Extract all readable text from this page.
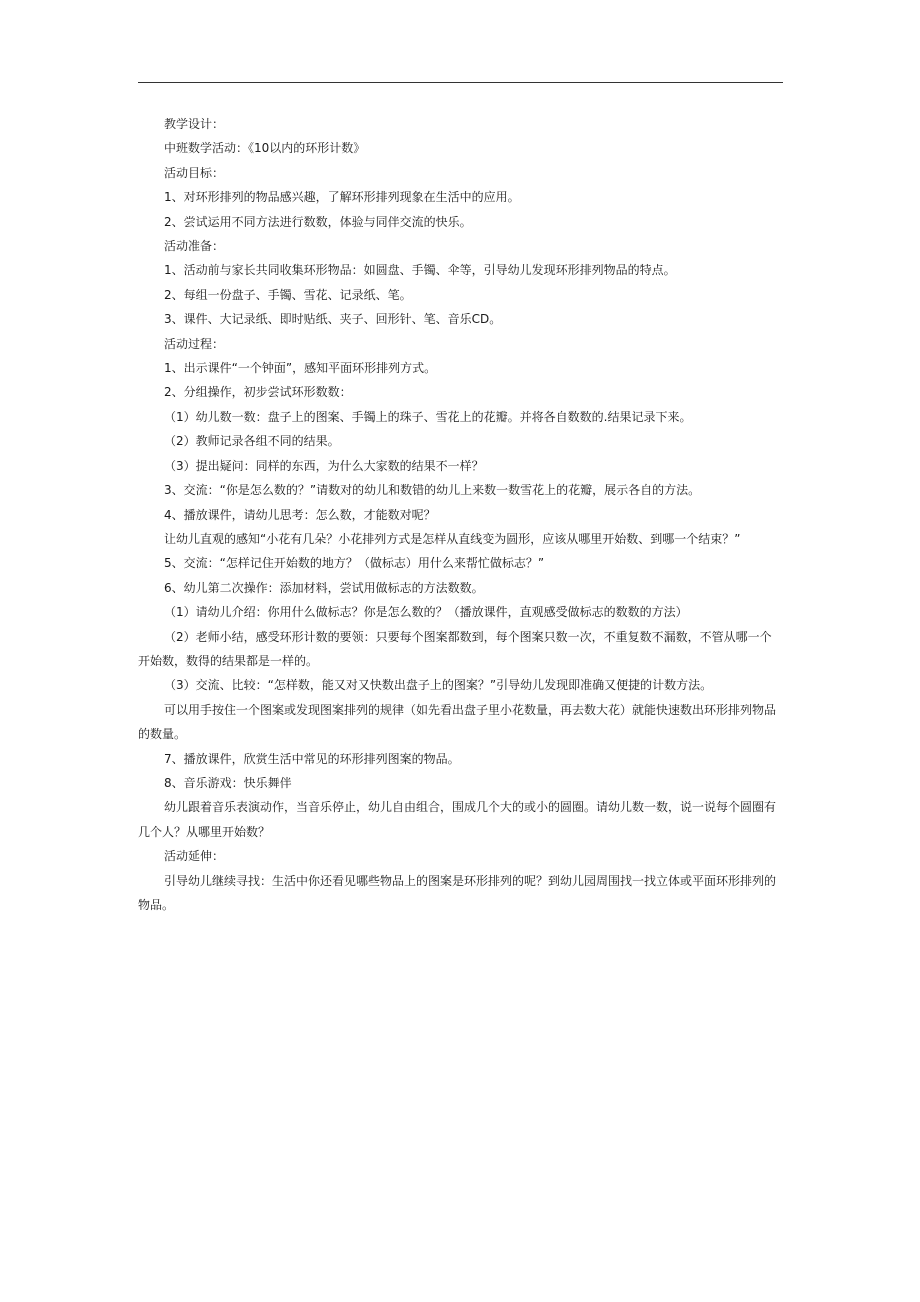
教学设计：
中班数学活动：《10以内的环形计数》
活动目标：
1、对环形排列的物品感兴趣，了解环形排列现象在生活中的应用。
2、尝试运用不同方法进行数数，体验与同伴交流的快乐。
活动准备：
1、活动前与家长共同收集环形物品：如圆盘、手镯、伞等，引导幼儿发现环形排列物品的特点。
2、每组一份盘子、手镯、雪花、记录纸、笔。
3、课件、大记录纸、即时贴纸、夹子、回形针、笔、音乐CD。
活动过程：
1、出示课件“一个钟面”，感知平面环形排列方式。
2、分组操作，初步尝试环形数数：
（1）幼儿数一数：盘子上的图案、手镯上的珠子、雪花上的花瓣。并将各自数数的.结果记录下来。
（2）教师记录各组不同的结果。
（3）提出疑问：同样的东西，为什么大家数的结果不一样？
3、交流：“你是怎么数的？”请数对的幼儿和数错的幼儿上来数一数雪花上的花瓣，展示各自的方法。
4、播放课件，请幼儿思考：怎么数，才能数对呢？
让幼儿直观的感知“小花有几朵？小花排列方式是怎样从直线变为圆形，应该从哪里开始数、到哪一个结束？”
5、交流：“怎样记住开始数的地方？（做标志）用什么来帮忙做标志？”
6、幼儿第二次操作：添加材料，尝试用做标志的方法数数。
（1）请幼儿介绍：你用什么做标志？你是怎么数的？（播放课件，直观感受做标志的数数的方法）
（2）老师小结，感受环形计数的要领：只要每个图案都数到，每个图案只数一次，不重复数不漏数，不管从哪一个开始数，数得的结果都是一样的。
（3）交流、比较：“怎样数，能又对又快数出盘子上的图案？”引导幼儿发现即准确又便捷的计数方法。
可以用手按住一个图案或发现图案排列的规律（如先看出盘子里小花数量，再去数大花）就能快速数出环形排列物品的数量。
7、播放课件，欣赏生活中常见的环形排列图案的物品。
8、音乐游戏：快乐舞伴
幼儿跟着音乐表演动作，当音乐停止，幼儿自由组合，围成几个大的或小的圆圈。请幼儿数一数，说一说每个圆圈有几个人？从哪里开始数？
活动延伸：
引导幼儿继续寻找：生活中你还看见哪些物品上的图案是环形排列的呢？到幼儿园周围找一找立体或平面环形排列的物品。
